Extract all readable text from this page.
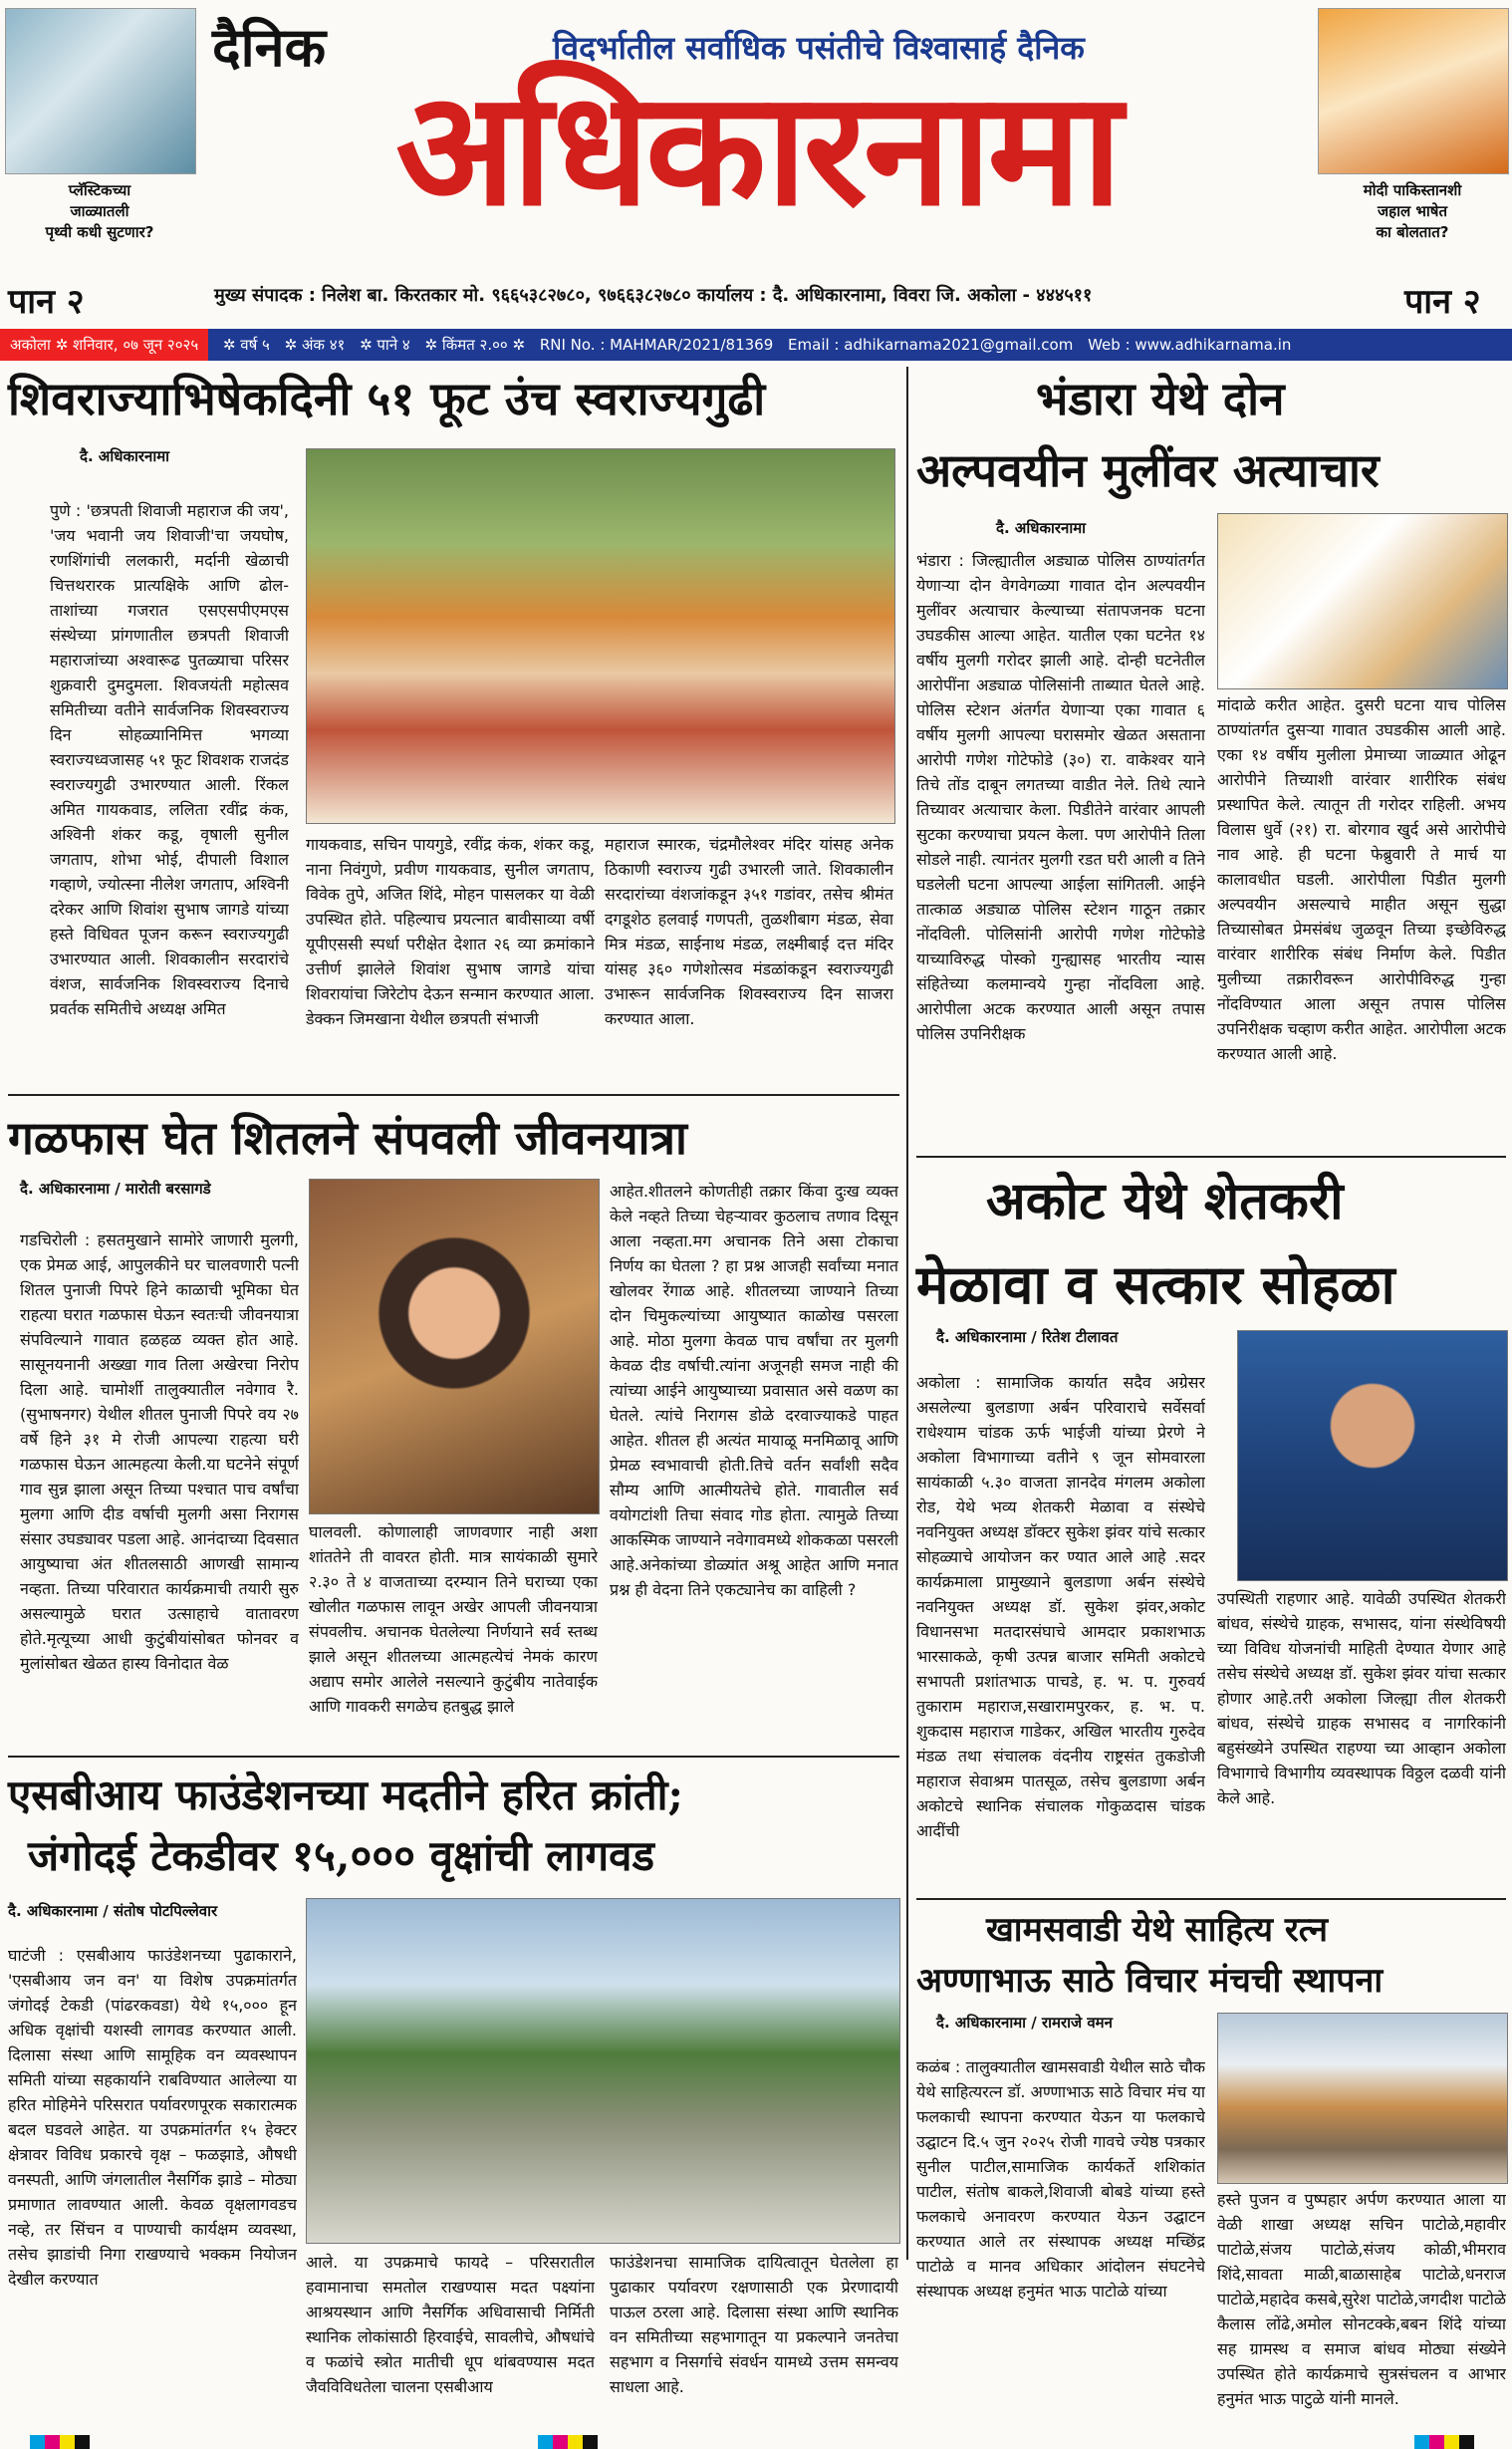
प्लॅस्टिकच्या
जाळ्यातली
पृथ्वी कधी सुटणार?
दैनिक	विदर्भातील सर्वाधिक पसंतीचे विश्वासार्ह दैनिक
अधिकारनामा	मोदी पाकिस्तानशी
जहाल भाषेत
का बोलतात?
पान २	मुख्य संपादक : निलेश बा. किरतकार मो. ९६६५३८२७८०, ९७६६३८२७८० कार्यालय : दै. अधिकारनामा, विवरा जि. अकोला - ४४४५११	पान २
अकोला ✲ शनिवार, ०७ जून २०२५ ✲ वर्ष ५ ✲ अंक ४१ ✲ पाने ४ ✲ किंमत २.०० ✲ RNI No. : MAHMAR/2021/81369 Email : adhikarnama2021@gmail.com Web : www.adhikarnama.in
शिवराज्याभिषेकदिनी ५१ फूट उंच स्वराज्यगुढी
दै. अधिकारनामा
पुणे : 'छत्रपती शिवाजी महाराज की जय', 'जय भवानी जय शिवाजी'चा जयघोष, रणशिंगांची ललकारी, मर्दानी खेळाची चित्तथरारक प्रात्यक्षिके आणि ढोल-ताशांच्या गजरात एसएसपीएमएस संस्थेच्या प्रांगणातील छत्रपती शिवाजी महाराजांच्या अश्वारूढ पुतळ्याचा परिसर शुक्रवारी दुमदुमला. शिवजयंती महोत्सव समितीच्या वतीने सार्वजनिक शिवस्वराज्य दिन सोहळ्यानिमित्त भगव्या स्वराज्यध्वजासह ५१ फूट शिवशक राजदंड स्वराज्यगुढी उभारण्यात आली. रिंकल अमित गायकवाड, ललिता रवींद्र कंक, अश्विनी शंकर कडू, वृषाली सुनील जगताप, शोभा भोई, दीपाली विशाल गव्हाणे, ज्योत्स्ना नीलेश जगताप, अश्विनी दरेकर आणि शिवांश सुभाष जागडे यांच्या हस्ते विधिवत पूजन करून स्वराज्यगुढी उभारण्यात आली. शिवकालीन सरदारांचे वंशज, सार्वजनिक शिवस्वराज्य दिनाचे प्रवर्तक समितीचे अध्यक्ष अमित
गायकवाड, सचिन पायगुडे, रवींद्र कंक, शंकर कडू, नाना निवंगुणे, प्रवीण गायकवाड, सुनील जगताप, विवेक तुपे, अजित शिंदे, मोहन पासलकर या वेळी उपस्थित होते. पहिल्याच प्रयत्नात बावीसाव्या वर्षी यूपीएससी स्पर्धा परीक्षेत देशात २६ व्या क्रमांकाने उत्तीर्ण झालेले शिवांश सुभाष जागडे यांचा शिवरायांचा जिरेटोप देऊन सन्मान करण्यात आला. डेक्कन जिमखाना येथील छत्रपती संभाजी
महाराज स्मारक, चंद्रमौलेश्वर मंदिर यांसह अनेक ठिकाणी स्वराज्य गुढी उभारली जाते. शिवकालीन सरदारांच्या वंशजांकडून ३५१ गडांवर, तसेच श्रीमंत दगडूशेठ हलवाई गणपती, तुळशीबाग मंडळ, सेवा मित्र मंडळ, साईनाथ मंडळ, लक्ष्मीबाई दत्त मंदिर यांसह ३६० गणेशोत्सव मंडळांकडून स्वराज्यगुढी उभारून सार्वजनिक शिवस्वराज्य दिन साजरा करण्यात आला.
गळफास घेत शितलने संपवली जीवनयात्रा
दै. अधिकारनामा / मारोती बरसागडे
गडचिरोली : हसतमुखाने सामोरे जाणारी मुलगी, एक प्रेमळ आई, आपुलकीने घर चालवणारी पत्नी शितल पुनाजी पिपरे हिने काळाची भूमिका घेत राहत्या घरात गळफास घेऊन स्वतःची जीवनयात्रा संपविल्याने गावात हळहळ व्यक्त होत आहे. सासूनयनानी अख्खा गाव तिला अखेरचा निरोप दिला आहे. चामोर्शी तालुक्यातील नवेगाव रै. (सुभाषनगर) येथील शीतल पुनाजी पिपरे वय २७ वर्षे हिने ३१ मे रोजी आपल्या राहत्या घरी गळफास घेऊन आत्महत्या केली.या घटनेने संपूर्ण गाव सुन्न झाला असून तिच्या पश्चात पाच वर्षांचा मुलगा आणि दीड वर्षाची मुलगी असा निरागस संसार उघड्यावर पडला आहे. आनंदाच्या दिवसात आयुष्याचा अंत शीतलसाठी आणखी सामान्य नव्हता. तिच्या परिवारात कार्यक्रमाची तयारी सुरु असल्यामुळे घरात उत्साहाचे वातावरण होते.मृत्यूच्या आधी कुटुंबीयांसोबत फोनवर व मुलांसोबत खेळत हास्य विनोदात वेळ
घालवली. कोणालाही जाणवणार नाही अशा शांततेने ती वावरत होती. मात्र सायंकाळी सुमारे २.३० ते ४ वाजताच्या दरम्यान तिने घराच्या एका खोलीत गळफास लावून अखेर आपली जीवनयात्रा संपवलीच. अचानक घेतलेल्या निर्णयाने सर्व स्तब्ध झाले असून शीतलच्या आत्महत्येचं नेमकं कारण अद्याप समोर आलेले नसल्याने कुटुंबीय नातेवाईक आणि गावकरी सगळेच हतबुद्ध झाले
आहेत.शीतलने कोणतीही तक्रार किंवा दुःख व्यक्त केले नव्हते तिच्या चेहऱ्यावर कुठलाच तणाव दिसून आला नव्हता.मग अचानक तिने असा टोकाचा निर्णय का घेतला ? हा प्रश्न आजही सर्वांच्या मनात खोलवर रेंगाळ आहे. शीतलच्या जाण्याने तिच्या दोन चिमुकल्यांच्या आयुष्यात काळोख पसरला आहे. मोठा मुलगा केवळ पाच वर्षांचा तर मुलगी केवळ दीड वर्षाची.त्यांना अजूनही समज नाही की त्यांच्या आईने आयुष्याच्या प्रवासात असे वळण का घेतले. त्यांचे निरागस डोळे दरवाज्याकडे पाहत आहेत. शीतल ही अत्यंत मायाळू मनमिळावू आणि प्रेमळ स्वभावाची होती.तिचे वर्तन सर्वांशी सदैव सौम्य आणि आत्मीयतेचे होते. गावातील सर्व वयोगटांशी तिचा संवाद गोड होता. त्यामुळे तिच्या आकस्मिक जाण्याने नवेगावमध्ये शोककळा पसरली आहे.अनेकांच्या डोळ्यांत अश्रू आहेत आणि मनात प्रश्न ही वेदना तिने एकट्यानेच का वाहिली ?
एसबीआय फाउंडेशनच्या मदतीने हरित क्रांती;
जंगोदई टेकडीवर १५,००० वृक्षांची लागवड
दै. अधिकारनामा / संतोष पोटपिल्लेवार
घाटंजी : एसबीआय फाउंडेशनच्या पुढाकाराने, 'एसबीआय जन वन' या विशेष उपक्रमांतर्गत जंगोदई टेकडी (पांढरकवडा) येथे १५,००० हून अधिक वृक्षांची यशस्वी लागवड करण्यात आली. दिलासा संस्था आणि सामूहिक वन व्यवस्थापन समिती यांच्या सहकार्याने राबविण्यात आलेल्या या हरित मोहिमेने परिसरात पर्यावरणपूरक सकारात्मक बदल घडवले आहेत. या उपक्रमांतर्गत १५ हेक्टर क्षेत्रावर विविध प्रकारचे वृक्ष – फळझाडे, औषधी वनस्पती, आणि जंगलातील नैसर्गिक झाडे – मोठ्या प्रमाणात लावण्यात आली. केवळ वृक्षलागवडच नव्हे, तर सिंचन व पाण्याची कार्यक्षम व्यवस्था, तसेच झाडांची निगा राखण्याचे भक्कम नियोजन देखील करण्यात
आले. या उपक्रमाचे फायदे – परिसरातील हवामानाचा समतोल राखण्यास मदत पक्ष्यांना आश्रयस्थान आणि नैसर्गिक अधिवासाची निर्मिती स्थानिक लोकांसाठी हिरवाईचे, सावलीचे, औषधांचे व फळांचे स्त्रोत मातीची धूप थांबवण्यास मदत जैवविविधतेला चालना एसबीआय
फाउंडेशनचा सामाजिक दायित्वातून घेतलेला हा पुढाकार पर्यावरण रक्षणासाठी एक प्रेरणादायी पाऊल ठरला आहे. दिलासा संस्था आणि स्थानिक वन समितीच्या सहभागातून या प्रकल्पाने जनतेचा सहभाग व निसर्गाचे संवर्धन यामध्ये उत्तम समन्वय साधला आहे.
भंडारा येथे दोन
अल्पवयीन मुलींवर अत्याचार
दै. अधिकारनामा
भंडारा : जिल्ह्यातील अड्याळ पोलिस ठाण्यांतर्गत येणाऱ्या दोन वेगवेगळ्या गावात दोन अल्पवयीन मुलींवर अत्याचार केल्याच्या संतापजनक घटना उघडकीस आल्या आहेत. यातील एका घटनेत १४ वर्षीय मुलगी गरोदर झाली आहे. दोन्ही घटनेतील आरोपींना अड्याळ पोलिसांनी ताब्यात घेतले आहे. पोलिस स्टेशन अंतर्गत येणाऱ्या एका गावात ६ वर्षीय मुलगी आपल्या घरासमोर खेळत असताना आरोपी गणेश गोटेफोडे (३०) रा. वाकेश्वर याने तिचे तोंड दाबून लगतच्या वाडीत नेले. तिथे त्याने तिच्यावर अत्याचार केला. पिडीतेने वारंवार आपली सुटका करण्याचा प्रयत्न केला. पण आरोपीने तिला सोडले नाही. त्यानंतर मुलगी रडत घरी आली व तिने घडलेली घटना आपल्या आईला सांगितली. आईने तात्काळ अड्याळ पोलिस स्टेशन गाठून तक्रार नोंदविली. पोलिसांनी आरोपी गणेश गोटेफोडे याच्याविरुद्ध पोस्को गुन्ह्यासह भारतीय न्यास संहितेच्या कलमान्वये गुन्हा नोंदविला आहे. आरोपीला अटक करण्यात आली असून तपास पोलिस उपनिरीक्षक
मांदाळे करीत आहेत. दुसरी घटना याच पोलिस ठाण्यांतर्गत दुसऱ्या गावात उघडकीस आली आहे. एका १४ वर्षीय मुलीला प्रेमाच्या जाळ्यात ओढून आरोपीने तिच्याशी वारंवार शारीरिक संबंध प्रस्थापित केले. त्यातून ती गरोदर राहिली. अभय विलास धुर्वे (२१) रा. बोरगाव खुर्द असे आरोपीचे नाव आहे. ही घटना फेब्रुवारी ते मार्च या कालावधीत घडली. आरोपीला पिडीत मुलगी अल्पवयीन असल्याचे माहीत असून सुद्धा तिच्यासोबत प्रेमसंबंध जुळवून तिच्या इच्छेविरुद्ध वारंवार शारीरिक संबंध निर्माण केले. पिडीत मुलीच्या तक्रारीवरून आरोपीविरुद्ध गुन्हा नोंदविण्यात आला असून तपास पोलिस उपनिरीक्षक चव्हाण करीत आहेत. आरोपीला अटक करण्यात आली आहे.
अकोट येथे शेतकरी
मेळावा व सत्कार सोहळा
दै. अधिकारनामा / रितेश टीलावत
अकोला : सामाजिक कार्यात सदैव अग्रेसर असलेल्या बुलडाणा अर्बन परिवाराचे सर्वेसर्वा राधेश्याम चांडक ऊर्फ भाईजी यांच्या प्रेरणे ने अकोला विभागाच्या वतीने ९ जून सोमवारला सायंकाळी ५.३० वाजता ज्ञानदेव मंगलम अकोला रोड, येथे भव्य शेतकरी मेळावा व संस्थेचे नवनियुक्त अध्यक्ष डॉक्टर सुकेश झंवर यांचे सत्कार सोहळ्याचे आयोजन कर ण्यात आले आहे .सदर कार्यक्रमाला प्रामुख्याने बुलडाणा अर्बन संस्थेचे नवनियुक्त अध्यक्ष डॉ. सुकेश झंवर,अकोट विधानसभा मतदारसंघाचे आमदार प्रकाशभाऊ भारसाकळे, कृषी उत्पन्न बाजार समिती अकोटचे सभापती प्रशांतभाऊ पाचडे, ह. भ. प. गुरुवर्य तुकाराम महाराज,सखारामपुरकर, ह. भ. प. शुकदास महाराज गाडेकर, अखिल भारतीय गुरुदेव मंडळ तथा संचालक वंदनीय राष्ट्रसंत तुकडोजी महाराज सेवाश्रम पातसूळ, तसेच बुलडाणा अर्बन अकोटचे स्थानिक संचालक गोकुळदास चांडक आदींची
उपस्थिती राहणार आहे. यावेळी उपस्थित शेतकरी बांधव, संस्थेचे ग्राहक, सभासद, यांना संस्थेविषयी च्या विविध योजनांची माहिती देण्यात येणार आहे तसेच संस्थेचे अध्यक्ष डॉ. सुकेश झंवर यांचा सत्कार होणार आहे.तरी अकोला जिल्ह्या तील शेतकरी बांधव, संस्थेचे ग्राहक सभासद व नागरिकांनी बहुसंख्येने उपस्थित राहण्या च्या आव्हान अकोला विभागाचे विभागीय व्यवस्थापक विठ्ठल दळवी यांनी केले आहे.
खामसवाडी येथे साहित्य रत्न
अण्णाभाऊ साठे विचार मंचची स्थापना
दै. अधिकारनामा / रामराजे वमन
कळंब : तालुक्यातील खामसवाडी येथील साठे चौक येथे साहित्यरत्न डॉ. अण्णाभाऊ साठे विचार मंच या फलकाची स्थापना करण्यात येऊन या फलकाचे उद्घाटन दि.५ जुन २०२५ रोजी गावचे ज्येष्ठ पत्रकार सुनील पाटील,सामाजिक कार्यकर्ते शशिकांत पाटील, संतोष बाकले,शिवाजी बोबडे यांच्या हस्ते फलकाचे अनावरण करण्यात येऊन उद्घाटन करण्यात आले तर संस्थापक अध्यक्ष मच्छिंद्र पाटोळे व मानव अधिकार आंदोलन संघटनेचे संस्थापक अध्यक्ष हनुमंत भाऊ पाटोळे यांच्या
हस्ते पुजन व पुष्पहार अर्पण करण्यात आला या वेळी शाखा अध्यक्ष सचिन पाटोळे,महावीर पाटोळे,संजय पाटोळे,संजय कोळी,भीमराव शिंदे,सावता माळी,बाळासाहेब पाटोळे,धनराज पाटोळे,महादेव कसबे,सुरेश पाटोळे,जगदीश पाटोळे कैलास लोंढे,अमोल सोनटक्के,बबन शिंदे यांच्या सह ग्रामस्थ व समाज बांधव मोठ्या संख्येने उपस्थित होते कार्यक्रमाचे सुत्रसंचलन व आभार हनुमंत भाऊ पाटुळे यांनी मानले.
